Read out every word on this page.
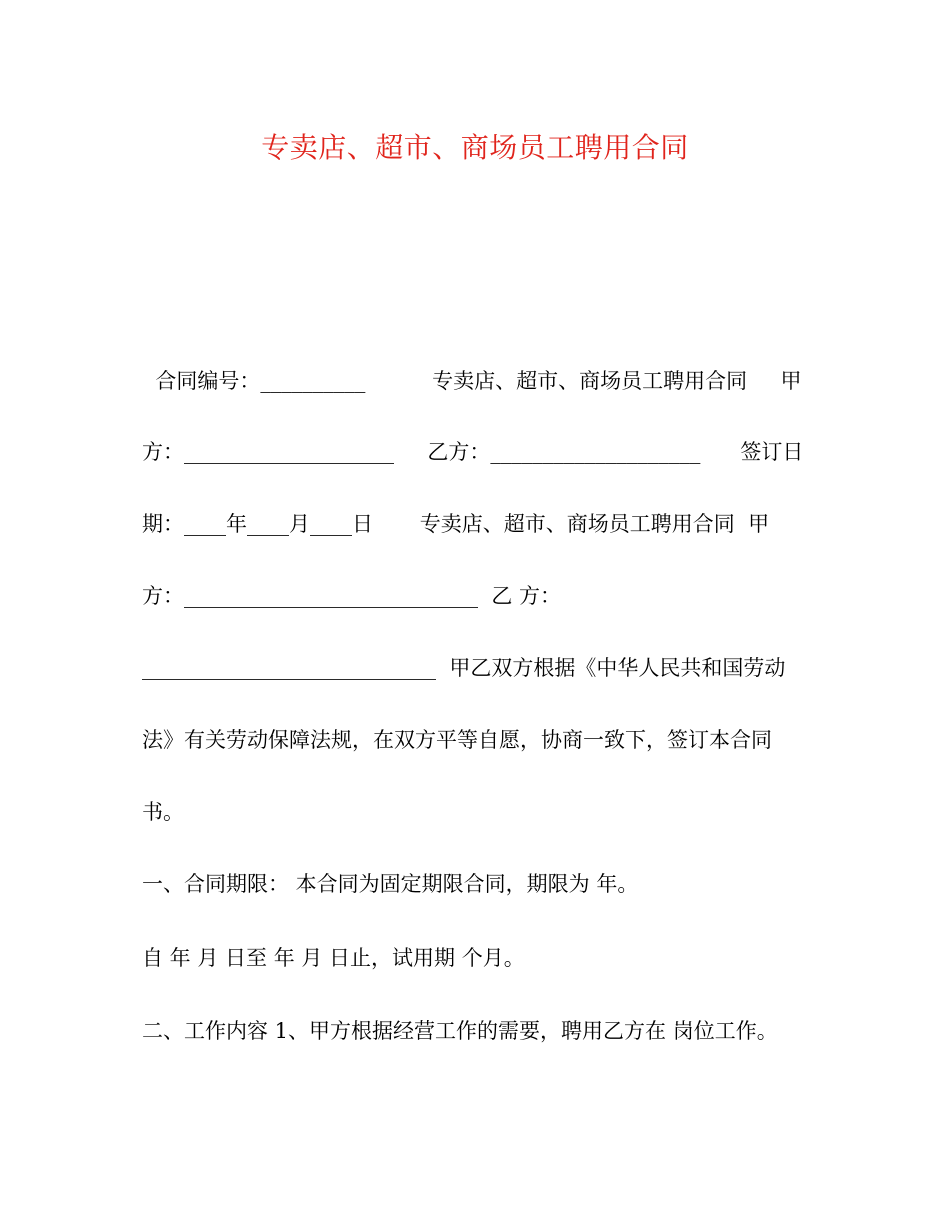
专卖店、超市、商场员工聘用合同
合同编号：__________          专卖店、超市、商场员工聘用合同     甲
方：____________________     乙方：____________________      签订日
期：____年____月____日       专卖店、超市、商场员工聘用合同  甲
方：____________________________  乙 方：
____________________________  甲乙双方根据《中华人民共和国劳动
法》有关劳动保障法规，在双方平等自愿，协商一致下，签订本合同
书。
一、合同期限： 本合同为固定期限合同，期限为 年。
自 年 月 日至 年 月 日止，试用期 个月。
二、工作内容 1、甲方根据经营工作的需要，聘用乙方在 岗位工作。
